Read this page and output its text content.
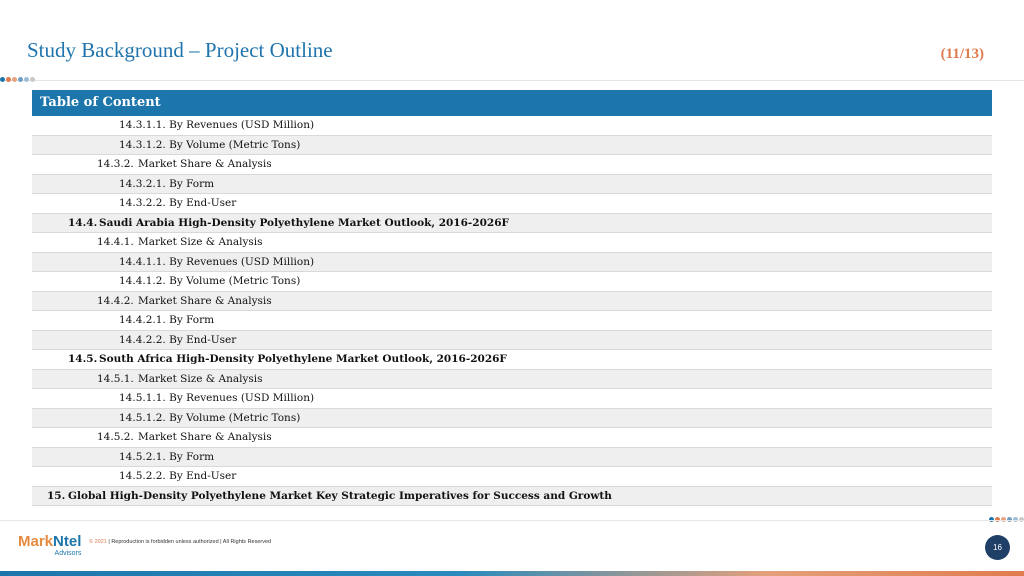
Study Background – Project Outline	(11/13)
Table of Content
14.3.1.1. By Revenues (USD Million)
14.3.1.2. By Volume (Metric Tons)
14.3.2. Market Share & Analysis
14.3.2.1. By Form
14.3.2.2. By End-User
14.4. Saudi Arabia High-Density Polyethylene Market Outlook, 2016-2026F
14.4.1. Market Size & Analysis
14.4.1.1. By Revenues (USD Million)
14.4.1.2. By Volume (Metric Tons)
14.4.2. Market Share & Analysis
14.4.2.1. By Form
14.4.2.2. By End-User
14.5. South Africa High-Density Polyethylene Market Outlook, 2016-2026F
14.5.1. Market Size & Analysis
14.5.1.1. By Revenues (USD Million)
14.5.1.2. By Volume (Metric Tons)
14.5.2. Market Share & Analysis
14.5.2.1. By Form
14.5.2.2. By End-User
15. Global High-Density Polyethylene Market Key Strategic Imperatives for Success and Growth
MarkNtel
Advisors
© 2021 | Reproduction is forbidden unless authorized | All Rights Reserved
16
